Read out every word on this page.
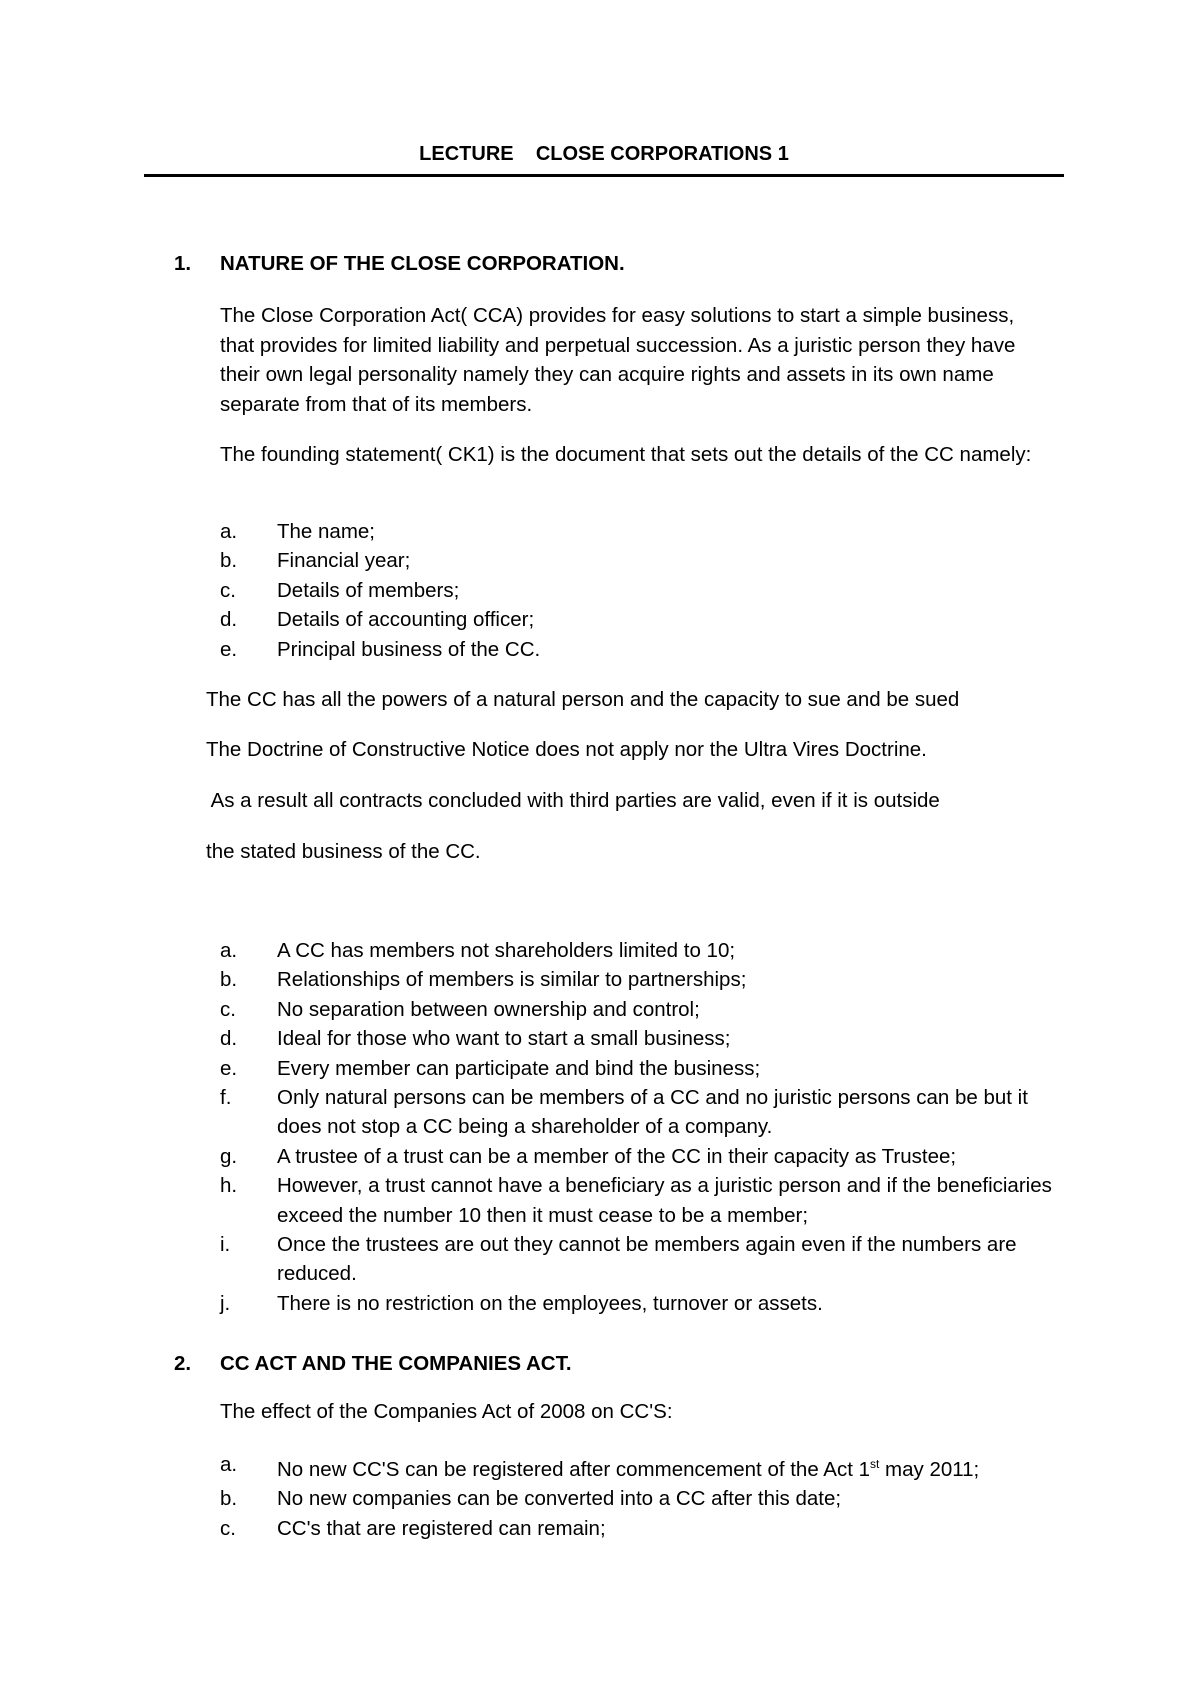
LECTURE    CLOSE CORPORATIONS 1
1. NATURE OF THE CLOSE CORPORATION.

The Close Corporation Act( CCA) provides for easy solutions to start a simple business, that provides for limited liability and perpetual succession. As a juristic person they have their own legal personality namely they can acquire rights and assets in its own name separate from that of its members.

The founding statement( CK1) is the document that sets out the details of the CC namely:

a. The name;
b. Financial year;
c. Details of members;
d. Details of accounting officer;
e. Principal business of the CC.
The CC has all the powers of a natural person and the capacity to sue and be sued
The Doctrine of Constructive Notice does not apply nor the Ultra Vires Doctrine.
As a result all contracts concluded with third parties are valid, even if it is outside
the stated business of the CC.
a. A CC has members not shareholders limited to 10;
b. Relationships of members is similar to partnerships;
c. No separation between ownership and control;
d. Ideal for those who want to start a small business;
e. Every member can participate and bind the business;
f. Only natural persons can be members of a CC and no juristic persons can be but it does not stop a CC being a shareholder of a company.
g. A trustee of a trust can be a member of the CC in their capacity as Trustee;
h. However, a trust cannot have a beneficiary as a juristic person and if the beneficiaries exceed the number 10 then it must cease to be a member;
i. Once the trustees are out they cannot be members again even if the numbers are reduced.
j. There is no restriction on the employees, turnover or assets.
2. CC ACT AND THE COMPANIES ACT.
The effect of the Companies Act of 2008 on CC'S:
a. No new CC'S can be registered after commencement of the Act 1st may 2011;
b. No new companies can be converted into a CC after this date;
c. CC's that are registered can remain;
